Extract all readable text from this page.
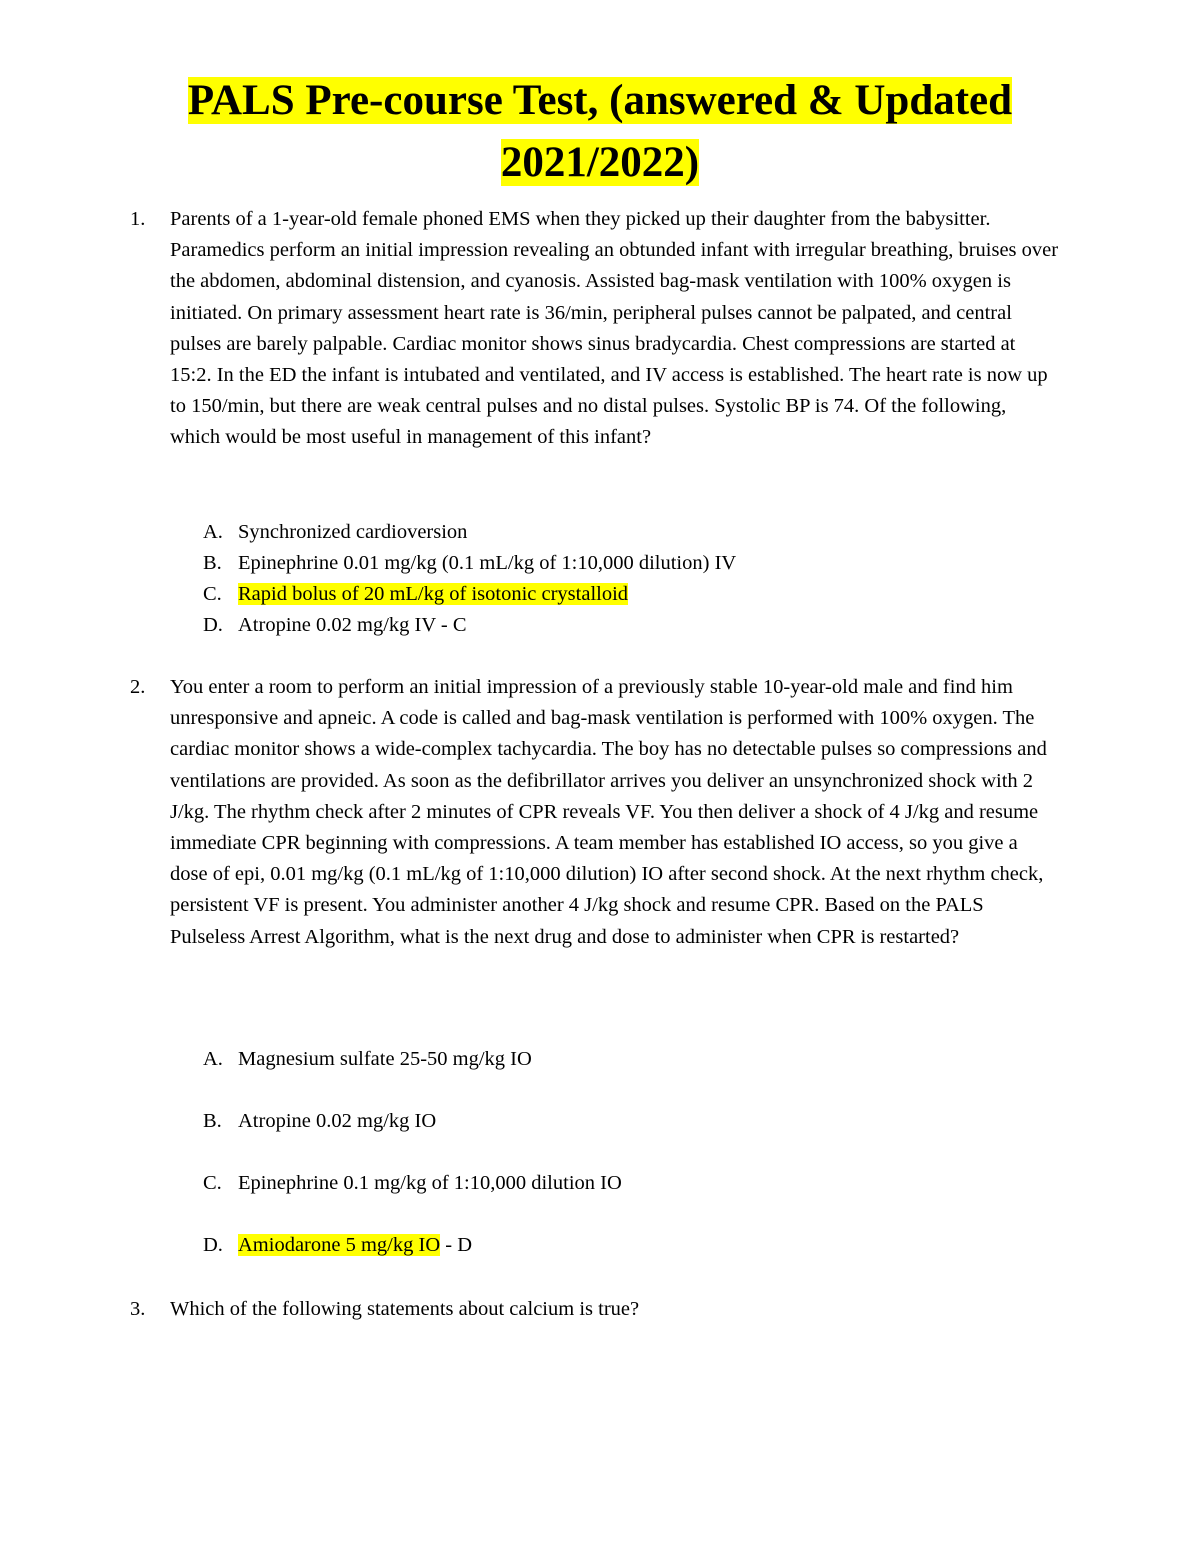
PALS Pre-course Test, (answered & Updated
2021/2022)
1.	Parents of a 1-year-old female phoned EMS when they picked up their daughter from the babysitter. Paramedics perform an initial impression revealing an obtunded infant with irregular breathing, bruises over the abdomen, abdominal distension, and cyanosis. Assisted bag-mask ventilation with 100% oxygen is initiated. On primary assessment heart rate is 36/min, peripheral pulses cannot be palpated, and central pulses are barely palpable. Cardiac monitor shows sinus bradycardia. Chest compressions are started at 15:2. In the ED the infant is intubated and ventilated, and IV access is established. The heart rate is now up to 150/min, but there are weak central pulses and no distal pulses. Systolic BP is 74. Of the following, which would be most useful in management of this infant?
A. Synchronized cardioversion
B. Epinephrine 0.01 mg/kg (0.1 mL/kg of 1:10,000 dilution) IV
C. Rapid bolus of 20 mL/kg of isotonic crystalloid
D. Atropine 0.02 mg/kg IV - C
2.	You enter a room to perform an initial impression of a previously stable 10-year-old male and find him unresponsive and apneic. A code is called and bag-mask ventilation is performed with 100% oxygen. The cardiac monitor shows a wide-complex tachycardia. The boy has no detectable pulses so compressions and ventilations are provided. As soon as the defibrillator arrives you deliver an unsynchronized shock with 2 J/kg. The rhythm check after 2 minutes of CPR reveals VF. You then deliver a shock of 4 J/kg and resume immediate CPR beginning with compressions. A team member has established IO access, so you give a dose of epi, 0.01 mg/kg (0.1 mL/kg of 1:10,000 dilution) IO after second shock. At the next rhythm check, persistent VF is present. You administer another 4 J/kg shock and resume CPR. Based on the PALS Pulseless Arrest Algorithm, what is the next drug and dose to administer when CPR is restarted?
A. Magnesium sulfate 25-50 mg/kg IO
B. Atropine 0.02 mg/kg IO
C. Epinephrine 0.1 mg/kg of 1:10,000 dilution IO
D. Amiodarone 5 mg/kg IO - D
3.	Which of the following statements about calcium is true?
